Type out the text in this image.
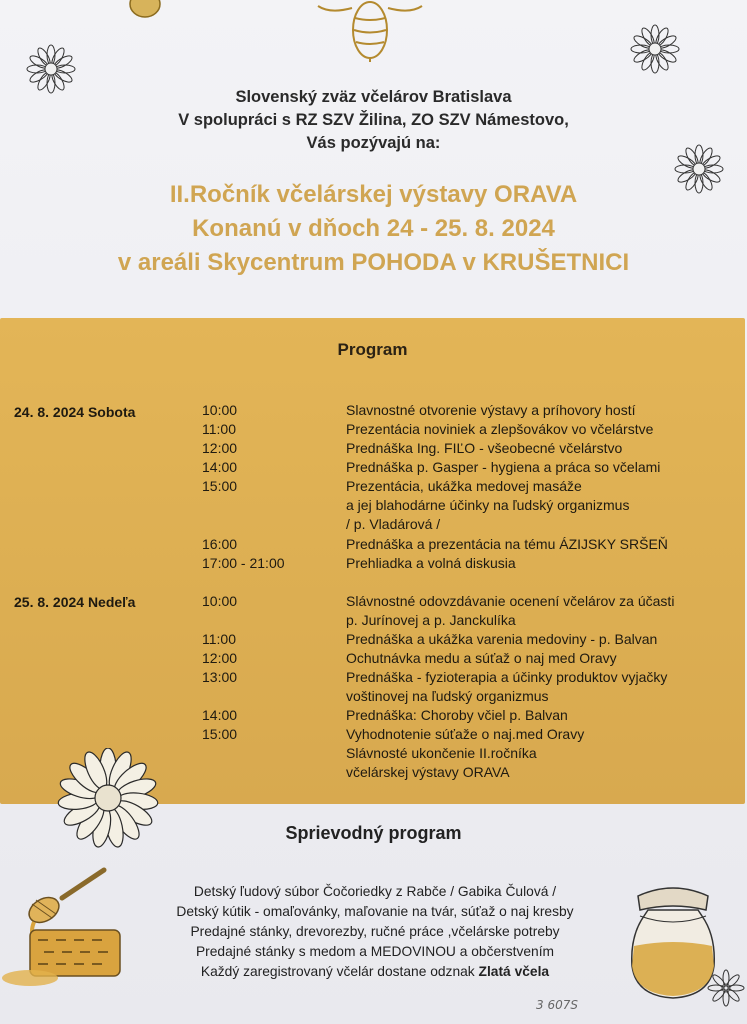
Slovenský zväz včelárov Bratislava
V spolupráci s RZ SZV Žilina, ZO SZV Námestovo,
Vás pozývajú na:
II.Ročník včelárskej výstavy ORAVA
Konanú v dňoch 24 - 25. 8. 2024
v areáli Skycentrum POHODA v KRUŠETNICI
Program
24. 8. 2024 Sobota	10:00	Slavnostné otvorenie výstavy a príhovory hostí
11:00	Prezentácia noviniek a zlepšovákov vo včelárstve
12:00	Prednáška Ing. FIĽO - všeobecné včelárstvo
14:00	Prednáška p. Gasper - hygiena a práca so včelami
15:00	Prezentácia, ukážka medovej masáže
a jej blahodárne účinky na ľudský organizmus
/ p. Vladárová /
16:00	Prednáška a prezentácia na tému ÁZIJSKY SRŠEŇ
17:00 - 21:00	Prehliadka a volná diskusia
25. 8. 2024 Nedeľa	10:00	Slávnostné odovzdávanie ocenení včelárov za účasti
p. Jurínovej a p. Janckulíka
11:00	Prednáška a ukážka varenia medoviny - p. Balvan
12:00	Ochutnávka medu a súťaž o naj med Oravy
13:00	Prednáška - fyzioterapia a účinky produktov vyjačky
voštinovej na ľudský organizmus
14:00	Prednáška: Choroby včiel p. Balvan
15:00	Vyhodnotenie súťaže o naj.med Oravy
Slávnosté ukončenie II.ročníka
včelárskej výstavy ORAVA
Sprievodný program
Detský ľudový súbor Čočoriedky z Rabče / Gabika Čulová /
Detský kútik - omaľovánky, maľovanie na tvár, súťaž o naj kresby
Predajné stánky, drevorezby, ručné práce ,včelárske potreby
Predajné stánky s medom a MEDOVINOU a občerstvením
Každý zaregistrovaný včelár dostane odznak Zlatá včela
3 607S
